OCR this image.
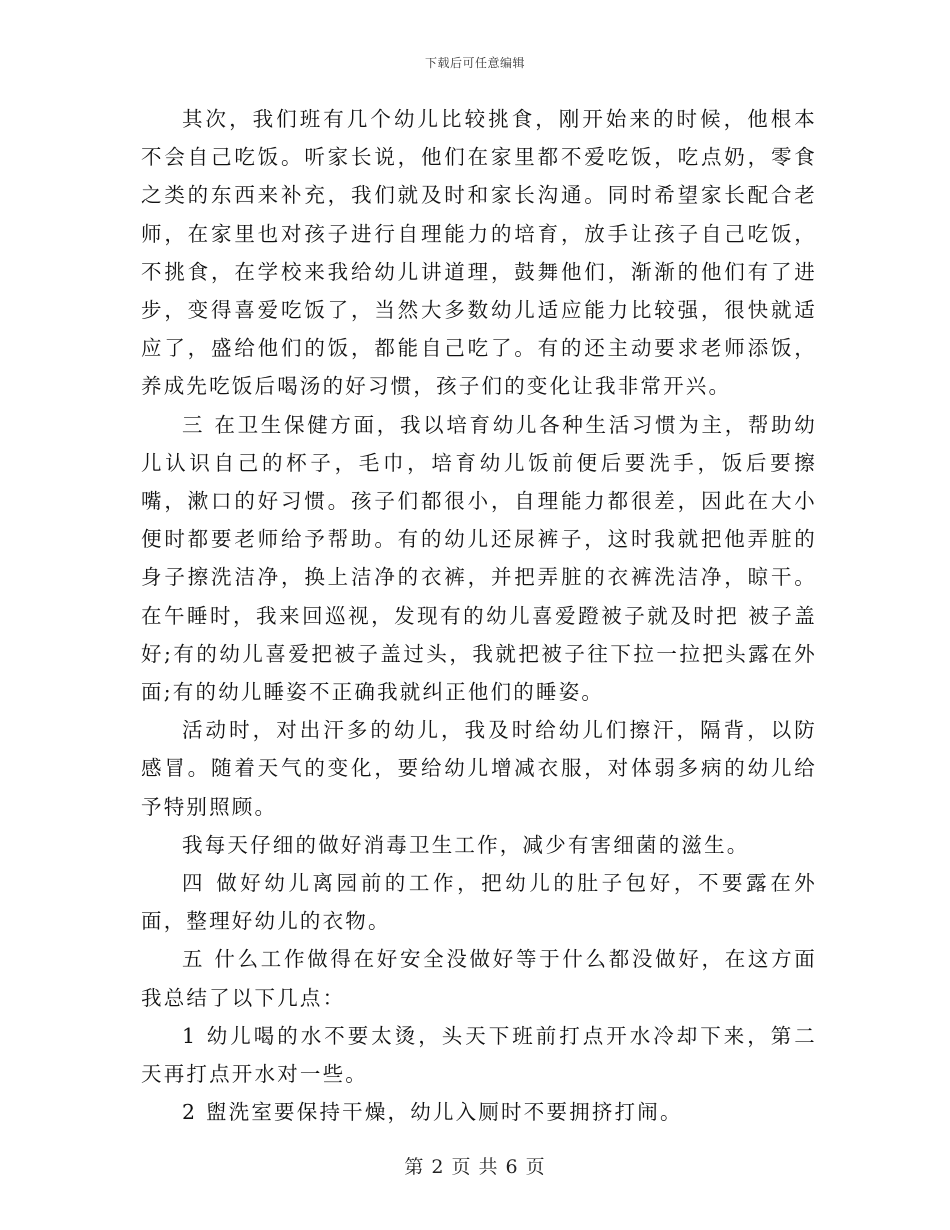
下载后可任意编辑

其次，我们班有几个幼儿比较挑食，刚开始来的时候，他根本不会自己吃饭。听家长说，他们在家里都不爱吃饭，吃点奶，零食之类的东西来补充，我们就及时和家长沟通。同时希望家长配合老师，在家里也对孩子进行自理能力的培育，放手让孩子自己吃饭，不挑食，在学校来我给幼儿讲道理，鼓舞他们，渐渐的他们有了进步，变得喜爱吃饭了，当然大多数幼儿适应能力比较强，很快就适应了，盛给他们的饭，都能自己吃了。有的还主动要求老师添饭，养成先吃饭后喝汤的好习惯，孩子们的变化让我非常开兴。

三 在卫生保健方面，我以培育幼儿各种生活习惯为主，帮助幼儿认识自己的杯子，毛巾，培育幼儿饭前便后要洗手，饭后要擦嘴，漱口的好习惯。孩子们都很小，自理能力都很差，因此在大小便时都要老师给予帮助。有的幼儿还尿裤子，这时我就把他弄脏的身子擦洗洁净，换上洁净的衣裤，并把弄脏的衣裤洗洁净，晾干。在午睡时，我来回巡视，发现有的幼儿喜爱蹬被子就及时把 被子盖好;有的幼儿喜爱把被子盖过头，我就把被子往下拉一拉把头露在外面;有的幼儿睡姿不正确我就纠正他们的睡姿。

活动时，对出汗多的幼儿，我及时给幼儿们擦汗，隔背，以防感冒。随着天气的变化，要给幼儿增减衣服，对体弱多病的幼儿给予特别照顾。

我每天仔细的做好消毒卫生工作，减少有害细菌的滋生。

四 做好幼儿离园前的工作，把幼儿的肚子包好，不要露在外面，整理好幼儿的衣物。

五 什么工作做得在好安全没做好等于什么都没做好，在这方面我总结了以下几点：

1 幼儿喝的水不要太烫，头天下班前打点开水冷却下来，第二天再打点开水对一些。

2 盥洗室要保持干燥，幼儿入厕时不要拥挤打闹。

第 2 页 共 6 页
